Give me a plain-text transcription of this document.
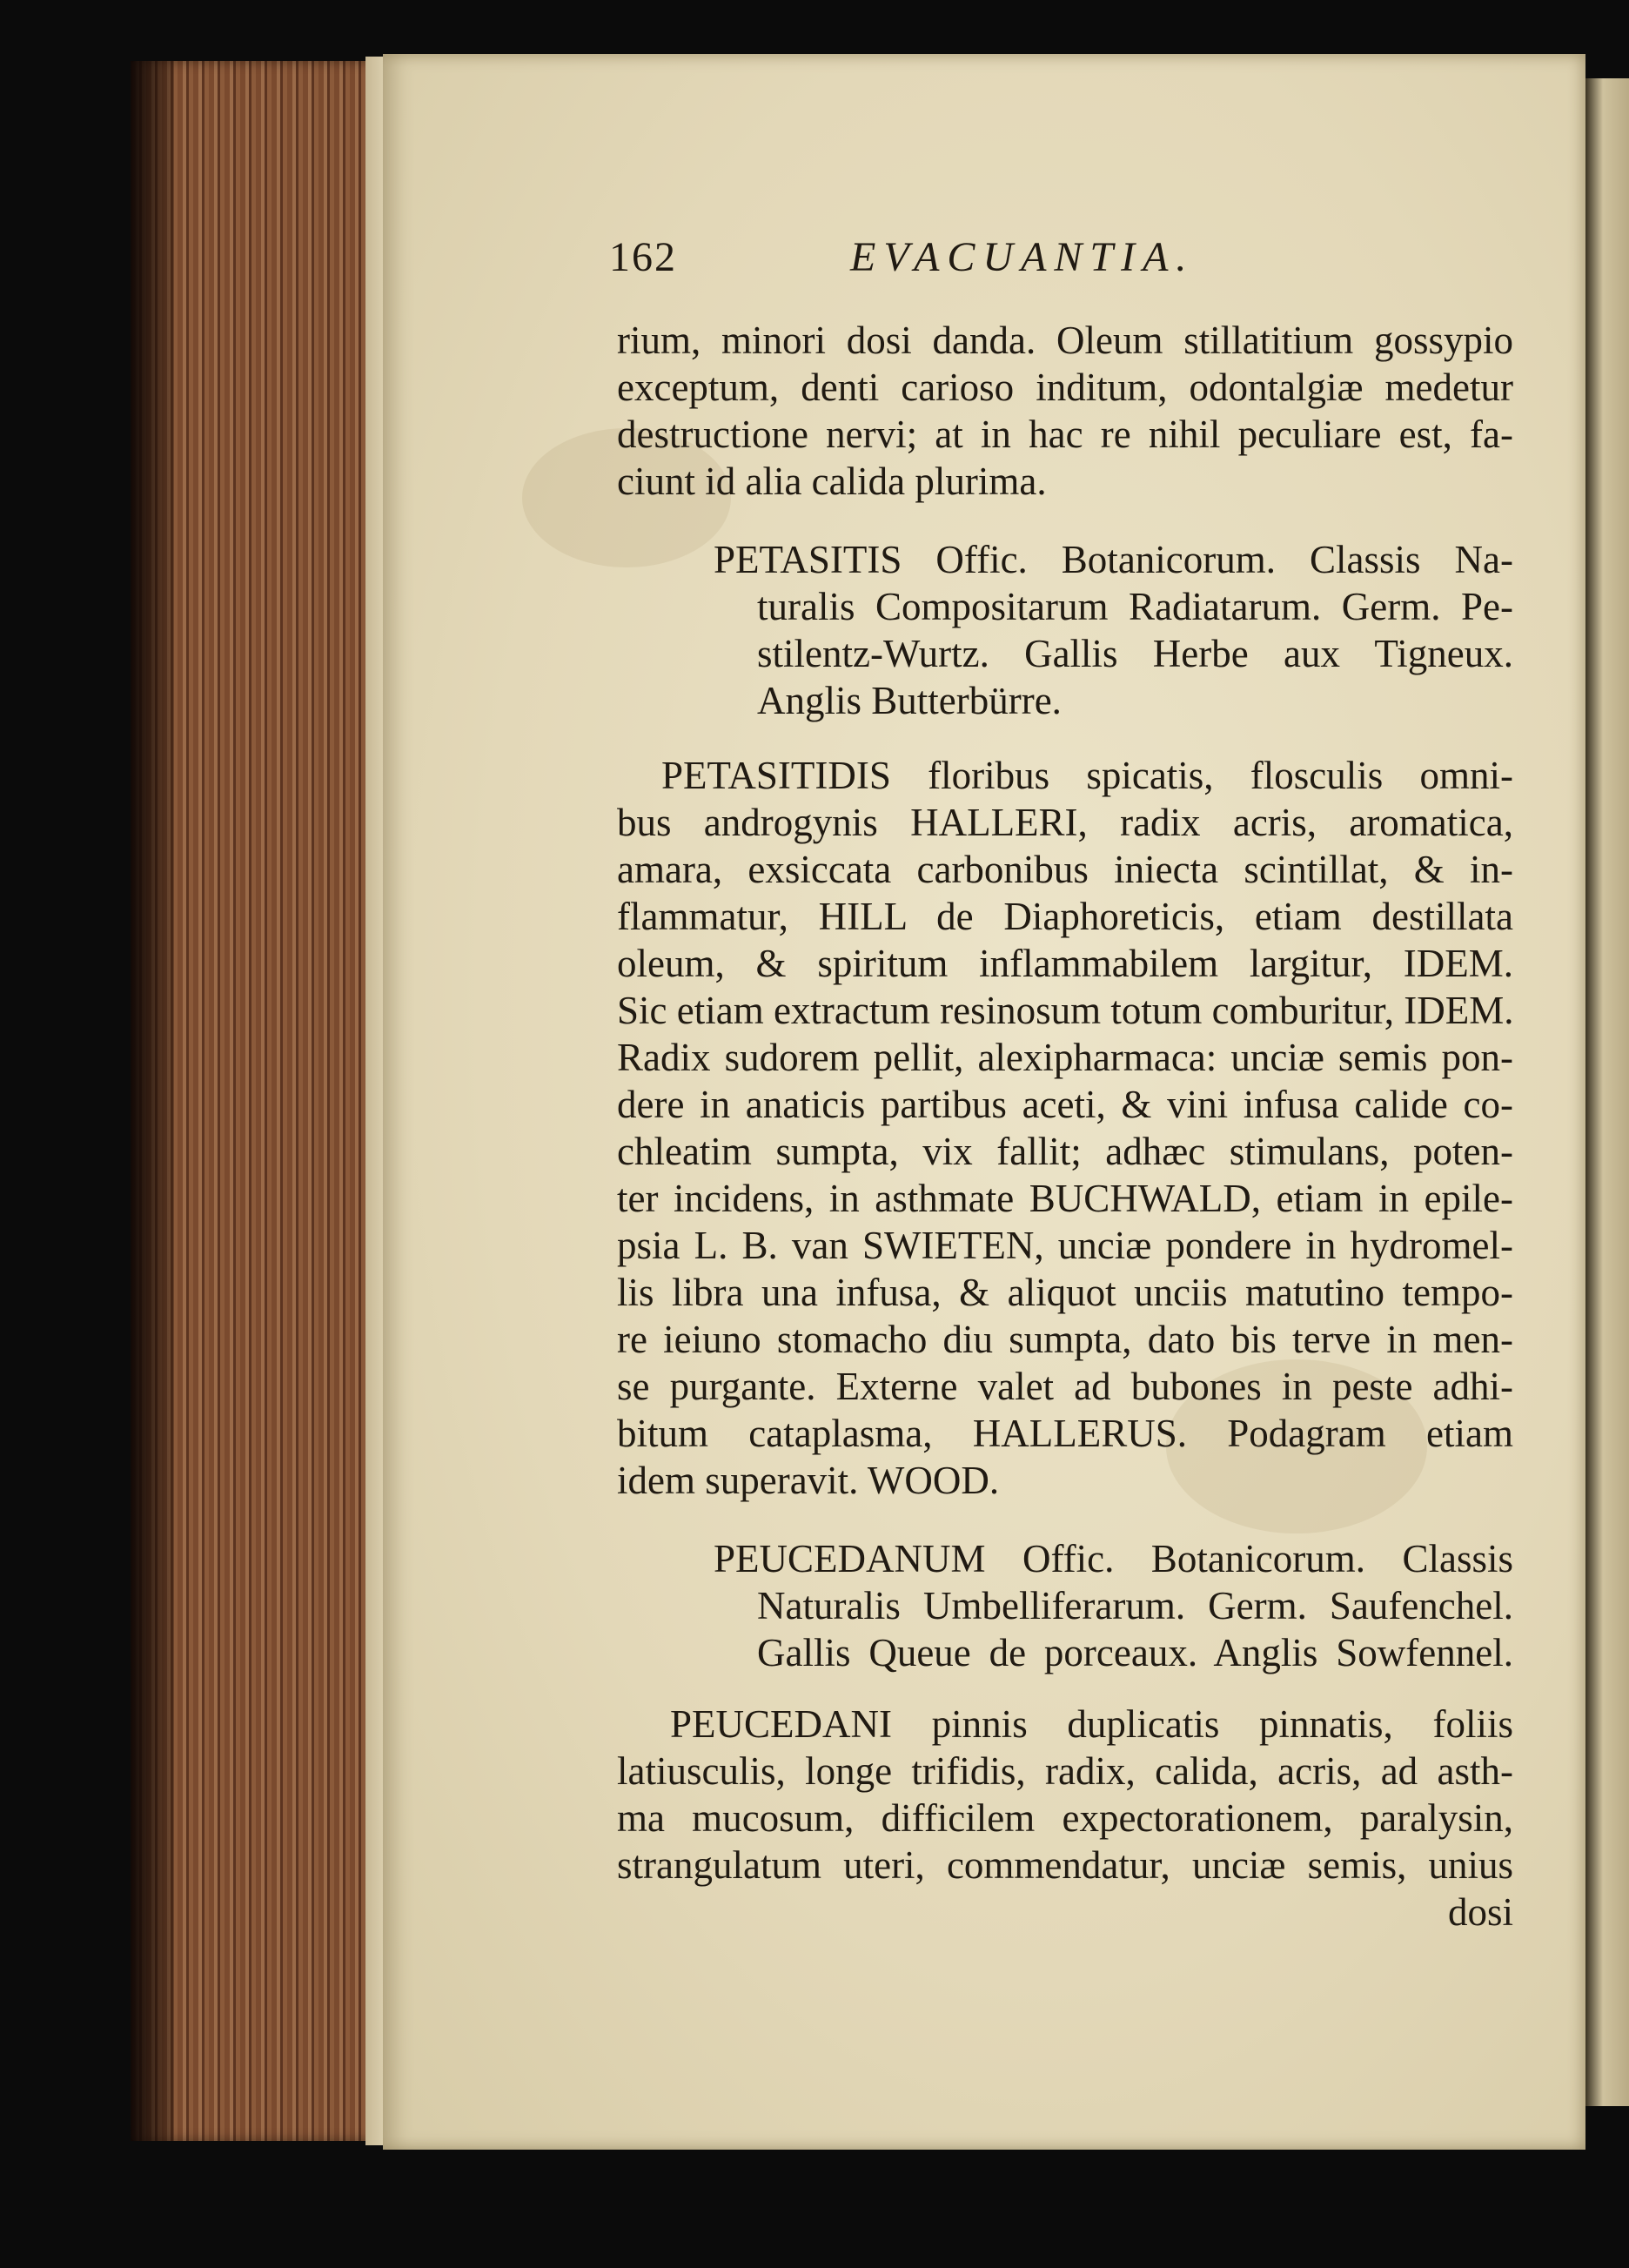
162	EVACUANTIA.

rium, minori dosi danda. Oleum stillatitium gossypio

exceptum, denti carioso inditum, odontalgiæ medetur

destructione nervi; at in hac re nihil peculiare est, fa-

ciunt id alia calida plurima.

PETASITIS Offic. Botanicorum. Classis Na-

turalis Compositarum Radiatarum. Germ. Pe-

stilentz-Wurtz. Gallis Herbe aux Tigneux.

Anglis Butterbürre.

PETASITIDIS floribus spicatis, flosculis omni-

bus androgynis HALLERI, radix acris, aromatica,

amara, exsiccata carbonibus iniecta scintillat, & in-

flammatur, HILL de Diaphoreticis, etiam destillata

oleum, & spiritum inflammabilem largitur, IDEM.

Sic etiam extractum resinosum totum comburitur, IDEM.

Radix sudorem pellit, alexipharmaca: unciæ semis pon-

dere in anaticis partibus aceti, & vini infusa calide co-

chleatim sumpta, vix fallit; adhæc stimulans, poten-

ter incidens, in asthmate BUCHWALD, etiam in epile-

psia L. B. van SWIETEN, unciæ pondere in hydromel-

lis libra una infusa, & aliquot unciis matutino tempo-

re ieiuno stomacho diu sumpta, dato bis terve in men-

se purgante. Externe valet ad bubones in peste adhi-

bitum cataplasma, HALLERUS. Podagram etiam

idem superavit. WOOD.

PEUCEDANUM Offic. Botanicorum. Classis

Naturalis Umbelliferarum. Germ. Saufenchel.

Gallis Queue de porceaux. Anglis Sowfennel.

PEUCEDANI pinnis duplicatis pinnatis, foliis

latiusculis, longe trifidis, radix, calida, acris, ad asth-

ma mucosum, difficilem expectorationem, paralysin,

strangulatum uteri, commendatur, unciæ semis, unius

dosi
